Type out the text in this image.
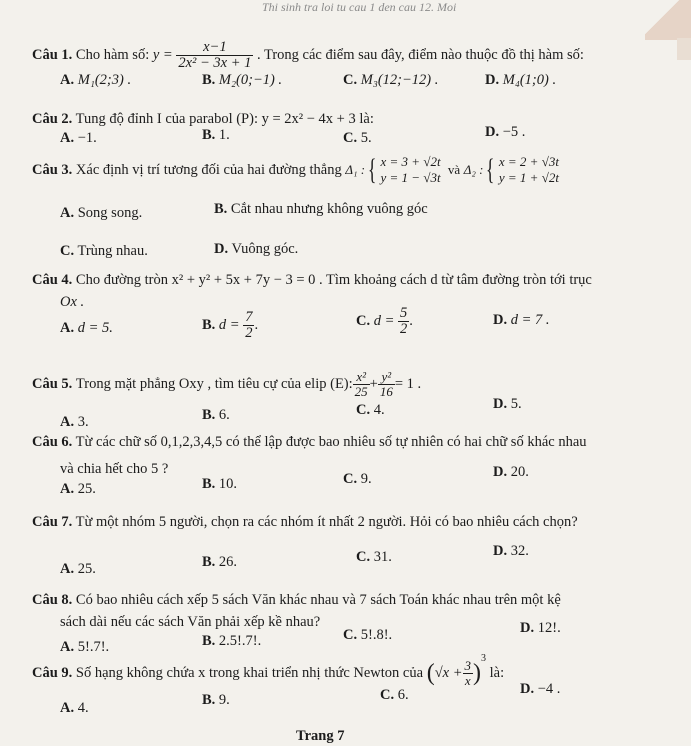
Thi sinh tra loi tu cau 1 den cau 12. Moi
Câu 1. Cho hàm số: $y = \frac{x-1}{\text{2x² − 3x + 1}}$ . Trong các điểm sau đây, điểm nào thuộc đồ thị hàm số:
A. M₁(2;3) .	B. M₂(0;−1) .	C. M₃(12;−12) .	D. M₄(1;0) .
Câu 2. Tung độ đỉnh I của parabol (P): y = 2x² − 4x + 3 là:
A. −1.	B. 1.	C. 5.	D. −5 .
Câu 3.
Xác định vị trí tương đối của hai đường thẳng
Δ₁ : { x = 3 + √2t
y = 1 − √3t

và
Δ₂ : { x = 2 + √3t
y = 1 + √2t
A. Song song.	B. Cắt nhau nhưng không vuông góc
C. Trùng nhau.	D. Vuông góc.
Câu 4. Cho đường tròn x² + y² + 5x + 7y − 3 = 0 . Tìm khoảng cách d từ tâm đường tròn tới trục
Ox .
A. d = 5.	B. $d = \frac{7}{2}$ .	C. $d = \frac{5}{2}$ .	D. d = 7 .
Câu 5.
Trong mặt phẳng Oxy , tìm tiêu cự của elip (E): $\frac{\text{x²}}{25} + \frac{\text{y²}}{16} = 1$ .
A. 3.	B. 6.	C. 4.	D. 5.
Câu 6. Từ các chữ số 0,1,2,3,4,5 có thể lập được bao nhiêu số tự nhiên có hai chữ số khác nhau
và chia hết cho 5 ?
A. 25.	B. 10.	C. 9.	D. 20.
Câu 7. Từ một nhóm 5 người, chọn ra các nhóm ít nhất 2 người. Hỏi có bao nhiêu cách chọn?
A. 25.	B. 26.	C. 31.	D. 32.
Câu 8. Có bao nhiêu cách xếp 5 sách Văn khác nhau và 7 sách Toán khác nhau trên một kệ
sách dài nếu các sách Văn phải xếp kề nhau?
A. 5!.7!.	B. 2.5!.7!.	C. 5!.8!.	D. 12!.
Câu 9.
Số hạng không chứa x trong khai triển nhị thức Newton của
( $√x + \frac{3}{x}$ )
$^3$

là:
A. 4.	B. 9.	C. 6.	D. −4 .
Trang 7
